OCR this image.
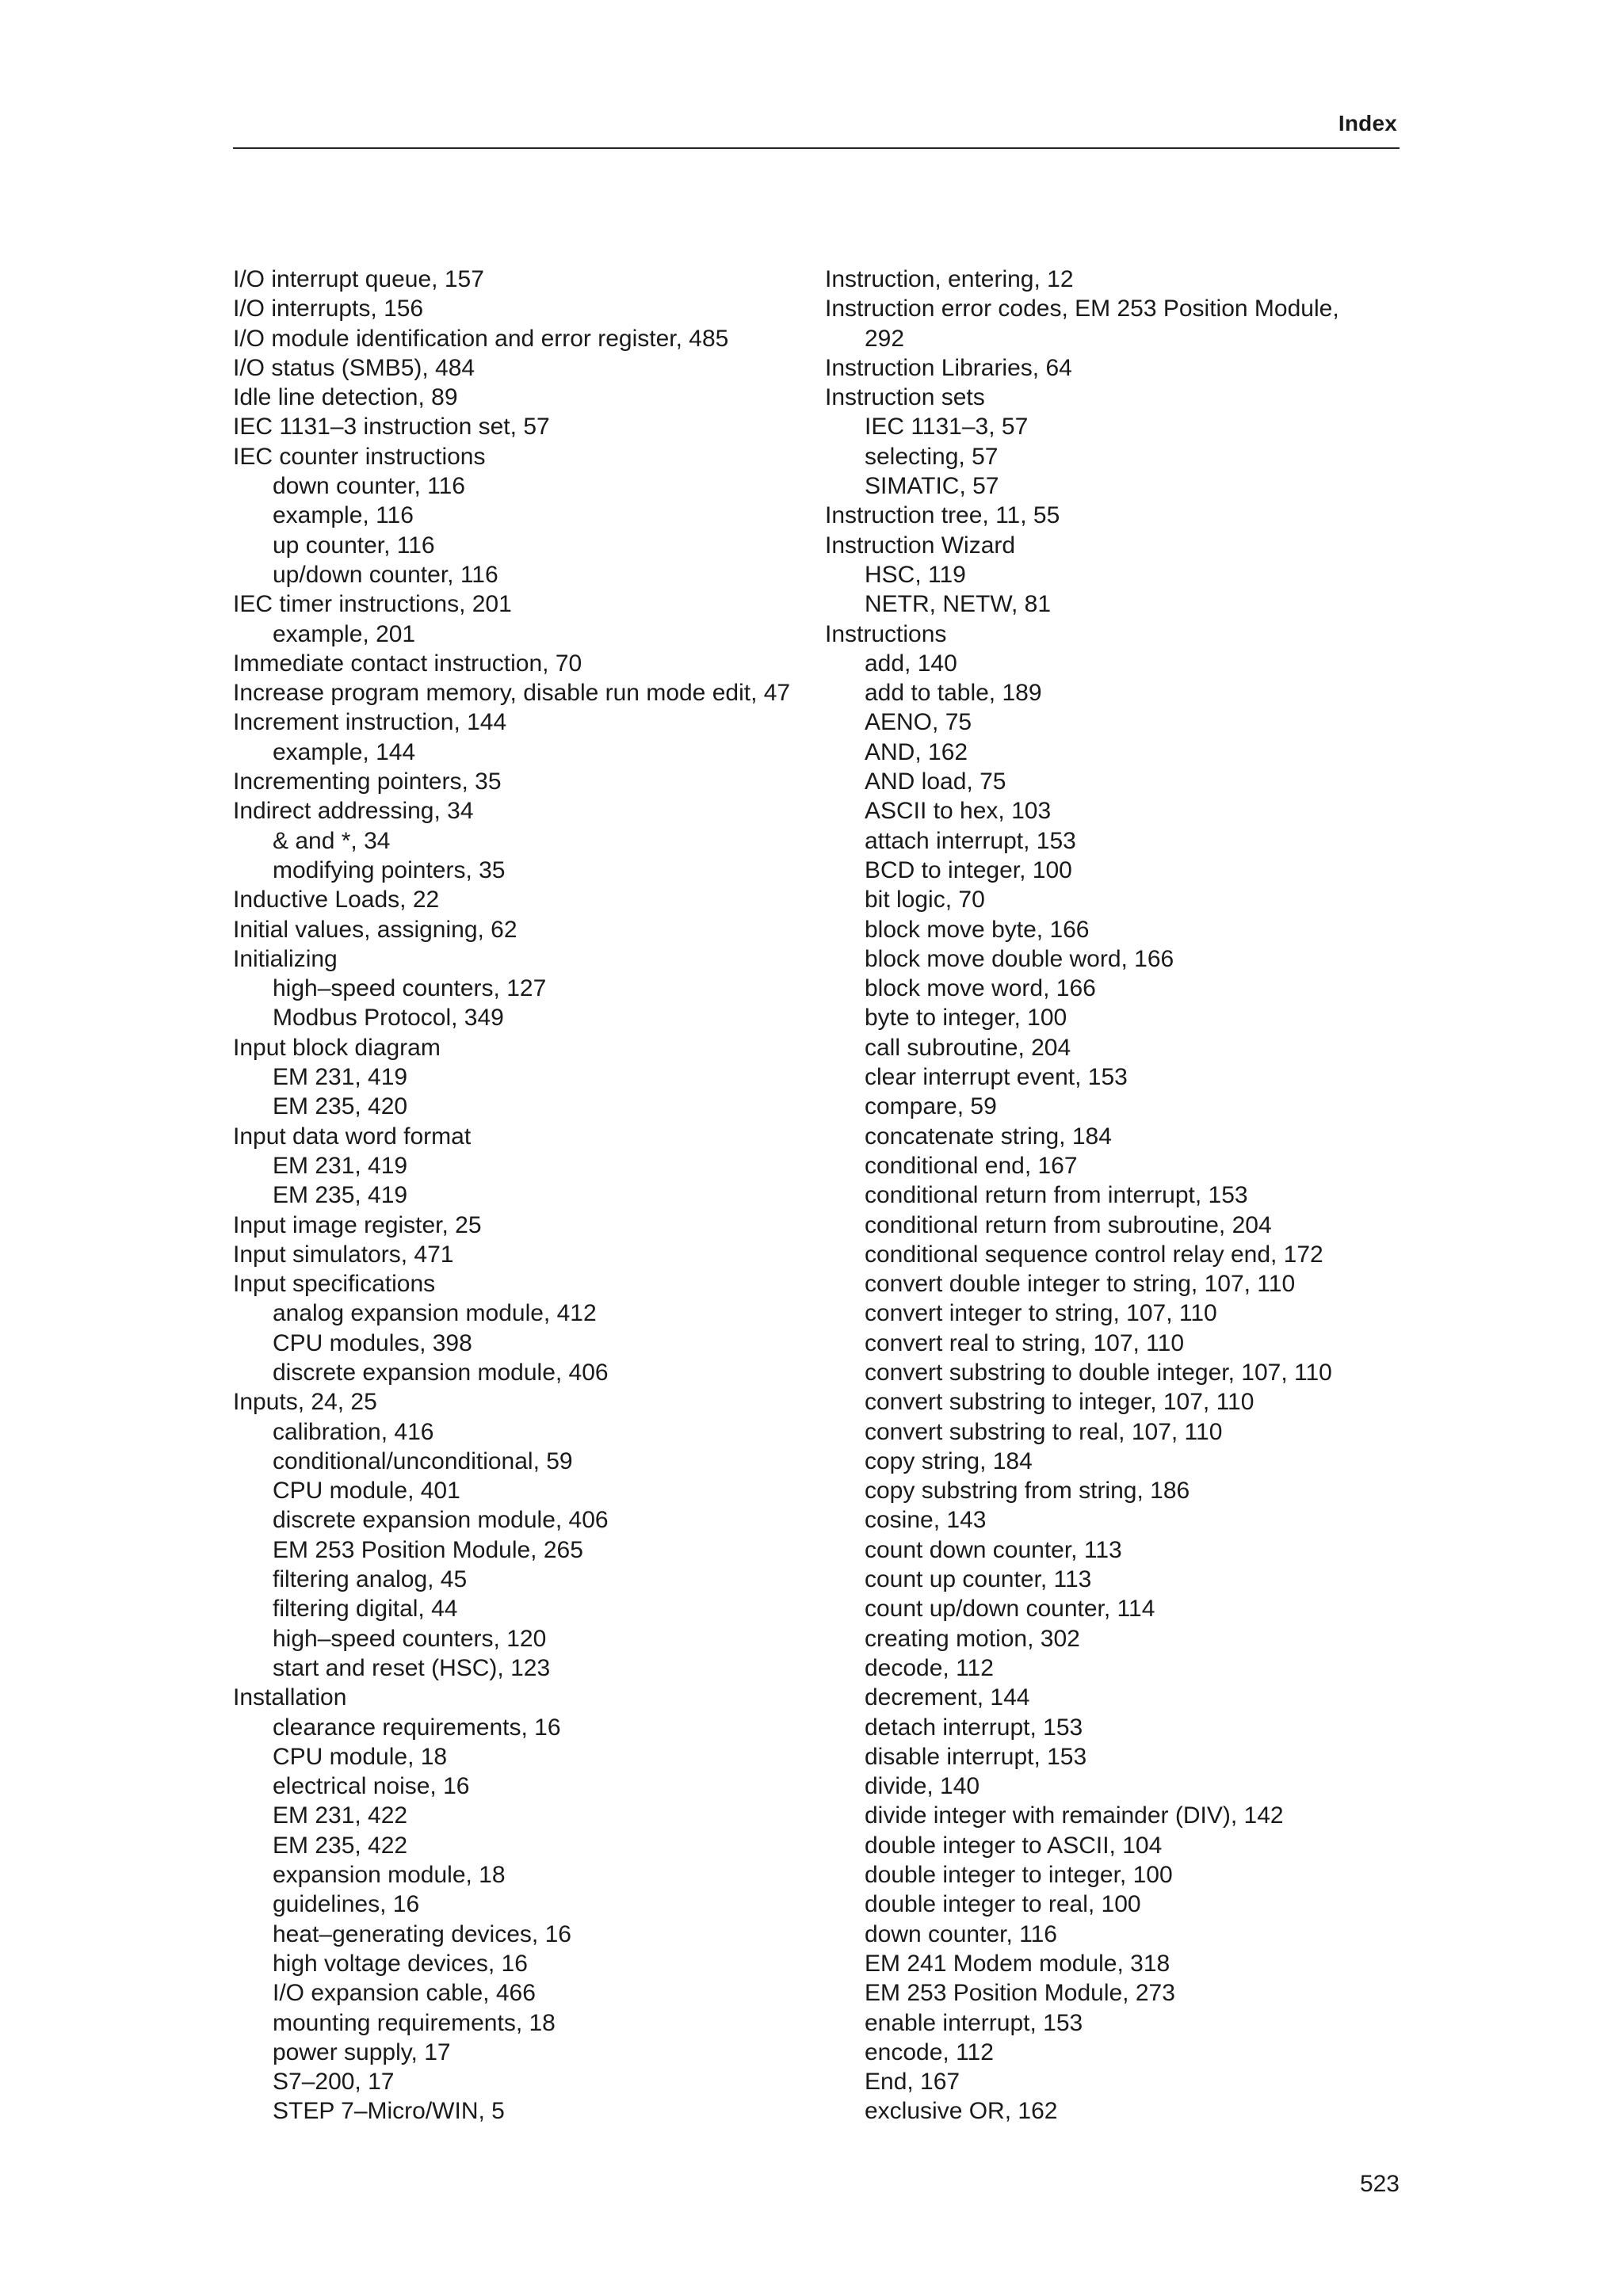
Index
I/O interrupt queue, 157
I/O interrupts, 156
I/O module identification and error register, 485
I/O status (SMB5), 484
Idle line detection, 89
IEC 1131–3 instruction set, 57
IEC counter instructions
down counter, 116
example, 116
up counter, 116
up/down counter, 116
IEC timer instructions, 201
example, 201
Immediate contact instruction, 70
Increase program memory, disable run mode edit, 47
Increment instruction, 144
example, 144
Incrementing pointers, 35
Indirect addressing, 34
& and *, 34
modifying pointers, 35
Inductive Loads, 22
Initial values, assigning, 62
Initializing
high–speed counters, 127
Modbus Protocol, 349
Input block diagram
EM 231, 419
EM 235, 420
Input data word format
EM 231, 419
EM 235, 419
Input image register, 25
Input simulators, 471
Input specifications
analog expansion module, 412
CPU modules, 398
discrete expansion module, 406
Inputs, 24, 25
calibration, 416
conditional/unconditional, 59
CPU module, 401
discrete expansion module, 406
EM 253 Position Module, 265
filtering analog, 45
filtering digital, 44
high–speed counters, 120
start and reset (HSC), 123
Installation
clearance requirements, 16
CPU module, 18
electrical noise, 16
EM 231, 422
EM 235, 422
expansion module, 18
guidelines, 16
heat–generating devices, 16
high voltage devices, 16
I/O expansion cable, 466
mounting requirements, 18
power supply, 17
S7–200, 17
STEP 7–Micro/WIN, 5
Instruction, entering, 12
Instruction error codes, EM 253 Position Module,
292
Instruction Libraries, 64
Instruction sets
IEC 1131–3, 57
selecting, 57
SIMATIC, 57
Instruction tree, 11, 55
Instruction Wizard
HSC, 119
NETR, NETW, 81
Instructions
add, 140
add to table, 189
AENO, 75
AND, 162
AND load, 75
ASCII to hex, 103
attach interrupt, 153
BCD to integer, 100
bit logic, 70
block move byte, 166
block move double word, 166
block move word, 166
byte to integer, 100
call subroutine, 204
clear interrupt event, 153
compare, 59
concatenate string, 184
conditional end, 167
conditional return from interrupt, 153
conditional return from subroutine, 204
conditional sequence control relay end, 172
convert double integer to string, 107, 110
convert integer to string, 107, 110
convert real to string, 107, 110
convert substring to double integer, 107, 110
convert substring to integer, 107, 110
convert substring to real, 107, 110
copy string, 184
copy substring from string, 186
cosine, 143
count down counter, 113
count up counter, 113
count up/down counter, 114
creating motion, 302
decode, 112
decrement, 144
detach interrupt, 153
disable interrupt, 153
divide, 140
divide integer with remainder (DIV), 142
double integer to ASCII, 104
double integer to integer, 100
double integer to real, 100
down counter, 116
EM 241 Modem module, 318
EM 253 Position Module, 273
enable interrupt, 153
encode, 112
End, 167
exclusive OR, 162
523
